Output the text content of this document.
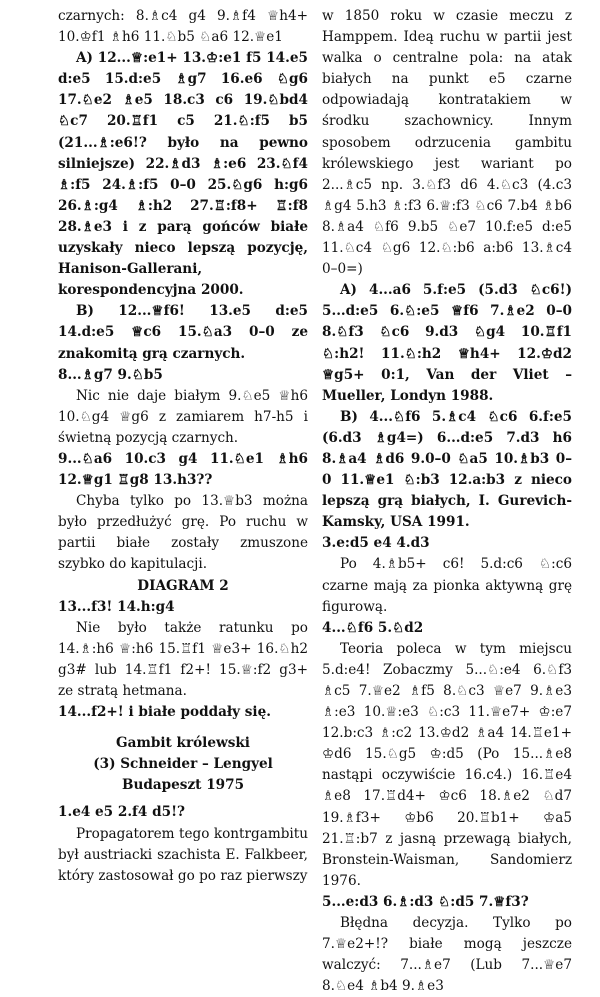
czarnych: 8.♗c4 g4 9.♗f4 ♕h4+ 10.♔f1 ♗h6 11.♘b5 ♘a6 12.♕e1

A) 12...♕:e1+ 13.♔:e1 f5 14.e5 d:e5 15.d:e5 ♗g7 16.e6 ♘g6 17.♘e2 ♗e5 18.c3 c6 19.♘bd4 ♘c7 20.♖f1 c5 21.♘:f5 b5 (21...♗:e6!? było na pewno silniejsze) 22.♗d3 ♗:e6 23.♘f4 ♗:f5 24.♗:f5 0–0 25.♘g6 h:g6 26.♗:g4 ♗:h2 27.♖:f8+ ♖:f8 28.♗e3 i z parą gońców białe uzyskały nieco lepszą pozycję, Hanison-Gallerani, korespondencyjna 2000.

B) 12...♕f6! 13.e5 d:e5 14.d:e5 ♕c6 15.♘a3 0–0 ze znakomitą grą czarnych.

8...♗g7 9.♘b5

Nic nie daje białym 9.♘e5 ♕h6 10.♘g4 ♕g6 z zamiarem h7-h5 i świetną pozycją czarnych.

9...♘a6 10.c3 g4 11.♘e1 ♗h6 12.♕g1 ♖g8 13.h3??

Chyba tylko po 13.♕b3 można było przedłużyć grę. Po ruchu w partii białe zostały zmuszone szybko do kapitulacji.

DIAGRAM 2

13...f3! 14.h:g4

Nie było także ratunku po 14.♗:h6 ♕:h6 15.♖f1 ♕e3+ 16.♘h2 g3# lub 14.♖f1 f2+! 15.♕:f2 g3+ ze stratą hetmana.

14...f2+! i białe poddały się.

Gambit królewski

(3) Schneider – Lengyel

Budapeszt 1975

1.e4 e5 2.f4 d5!?

Propagatorem tego kontrgambitu był austriacki szachista E. Falkbeer, który zastosował go po raz pierwszy

w 1850 roku w czasie meczu z Hamppem. Ideą ruchu w partii jest walka o centralne pola: na atak białych na punkt e5 czarne odpowiadają kontratakiem w środku szachownicy. Innym sposobem odrzucenia gambitu królewskiego jest wariant po 2...♗c5 np. 3.♘f3 d6 4.♘c3 (4.c3 ♗g4 5.h3 ♗:f3 6.♕:f3 ♘c6 7.b4 ♗b6 8.♗a4 ♘f6 9.b5 ♘e7 10.f:e5 d:e5 11.♘c4 ♘g6 12.♘:b6 a:b6 13.♗c4 0–0=)

A) 4...a6 5.f:e5 (5.d3 ♘c6!) 5...d:e5 6.♘:e5 ♕f6 7.♗e2 0–0 8.♘f3 ♘c6 9.d3 ♘g4 10.♖f1 ♘:h2! 11.♘:h2 ♕h4+ 12.♔d2 ♕g5+ 0:1, Van der Vliet – Mueller, Londyn 1988.

B) 4...♘f6 5.♗c4 ♘c6 6.f:e5 (6.d3 ♗g4=) 6...d:e5 7.d3 h6 8.♗a4 ♗d6 9.0–0 ♘a5 10.♗b3 0–0 11.♕e1 ♘:b3 12.a:b3 z nieco lepszą grą białych, I. Gurevich-Kamsky, USA 1991.

3.e:d5 e4 4.d3

Po 4.♗b5+ c6! 5.d:c6 ♘:c6 czarne mają za pionka aktywną grę figurową.

4...♘f6 5.♘d2

Teoria poleca w tym miejscu 5.d:e4! Zobaczmy 5...♘:e4 6.♘f3 ♗c5 7.♕e2 ♗f5 8.♘c3 ♕e7 9.♗e3 ♗:e3 10.♕:e3 ♘:c3 11.♕e7+ ♔:e7 12.b:c3 ♗:c2 13.♔d2 ♗a4 14.♖e1+ ♔d6 15.♘g5 ♔:d5 (Po 15...♗e8 nastąpi oczywiście 16.c4.) 16.♖e4 ♗e8 17.♖d4+ ♔c6 18.♗e2 ♘d7 19.♗f3+ ♔b6 20.♖b1+ ♔a5 21.♖:b7 z jasną przewagą białych, Bronstein-Waisman, Sandomierz 1976.

5...e:d3 6.♗:d3 ♘:d5 7.♕f3?

Błędna decyzja. Tylko po 7.♕e2+!? białe mogą jeszcze walczyć: 7...♗e7 (Lub 7...♕e7 8.♘e4 ♗b4 9.♗e3
